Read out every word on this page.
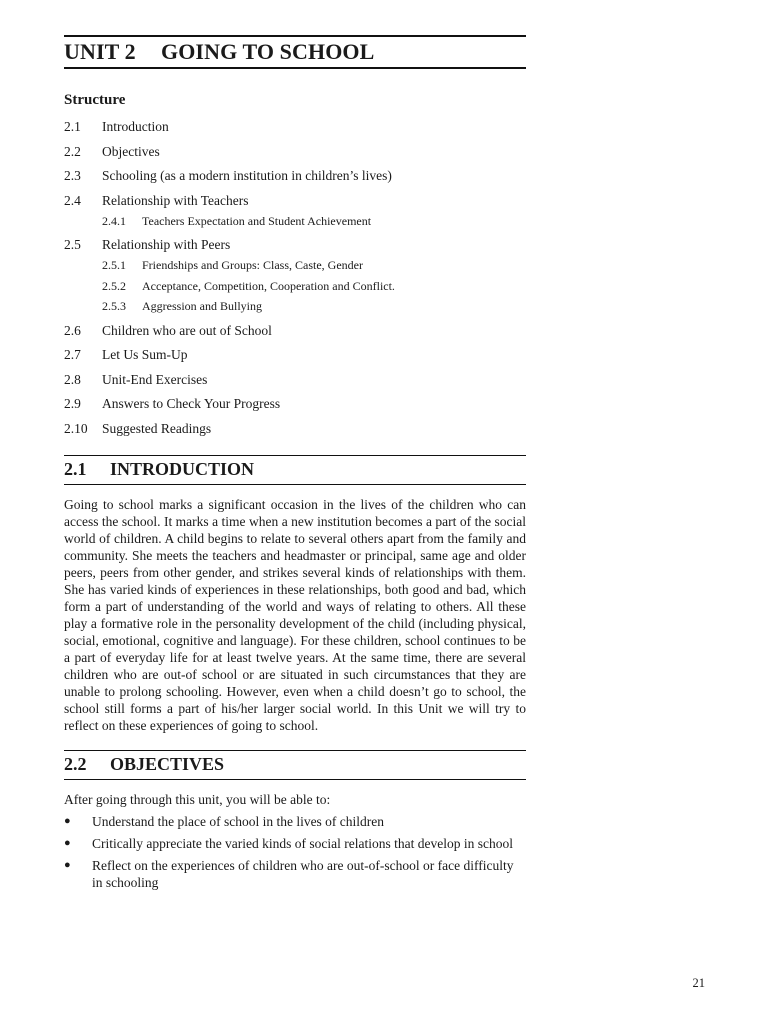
UNIT 2	GOING TO SCHOOL
Structure
2.1	Introduction
2.2	Objectives
2.3	Schooling (as a modern institution in children’s lives)
2.4	Relationship with Teachers
2.4.1	Teachers Expectation and Student Achievement
2.5	Relationship with Peers
2.5.1	Friendships and Groups: Class, Caste, Gender
2.5.2	Acceptance, Competition, Cooperation and Conflict.
2.5.3	Aggression and Bullying
2.6	Children who are out of School
2.7	Let Us Sum-Up
2.8	Unit-End Exercises
2.9	Answers to Check Your Progress
2.10	Suggested Readings
2.1	INTRODUCTION

Going to school marks a significant occasion in the lives of the children who can access the school. It marks a time when a new institution becomes a part of the social world of children. A child begins to relate to several others apart from the family and community. She meets the teachers and headmaster or principal, same age and older peers, peers from other gender, and strikes several kinds of relationships with them. She has varied kinds of experiences in these relationships, both good and bad, which form a part of understanding of the world and ways of relating to others. All these play a formative role in the personality development of the child (including physical, social, emotional, cognitive and language). For these children, school continues to be a part of everyday life for at least twelve years. At the same time, there are several children who are out-of school or are situated in such circumstances that they are unable to prolong schooling. However, even when a child doesn’t go to school, the school still forms a part of his/her larger social world. In this Unit we will try to reflect on these experiences of going to school.

2.2	OBJECTIVES

After going through this unit, you will be able to:

●	Understand the place of school in the lives of children
●	Critically appreciate the varied kinds of social relations that develop in school
●	Reflect on the experiences of children who are out-of-school or face difficulty in schooling
21
